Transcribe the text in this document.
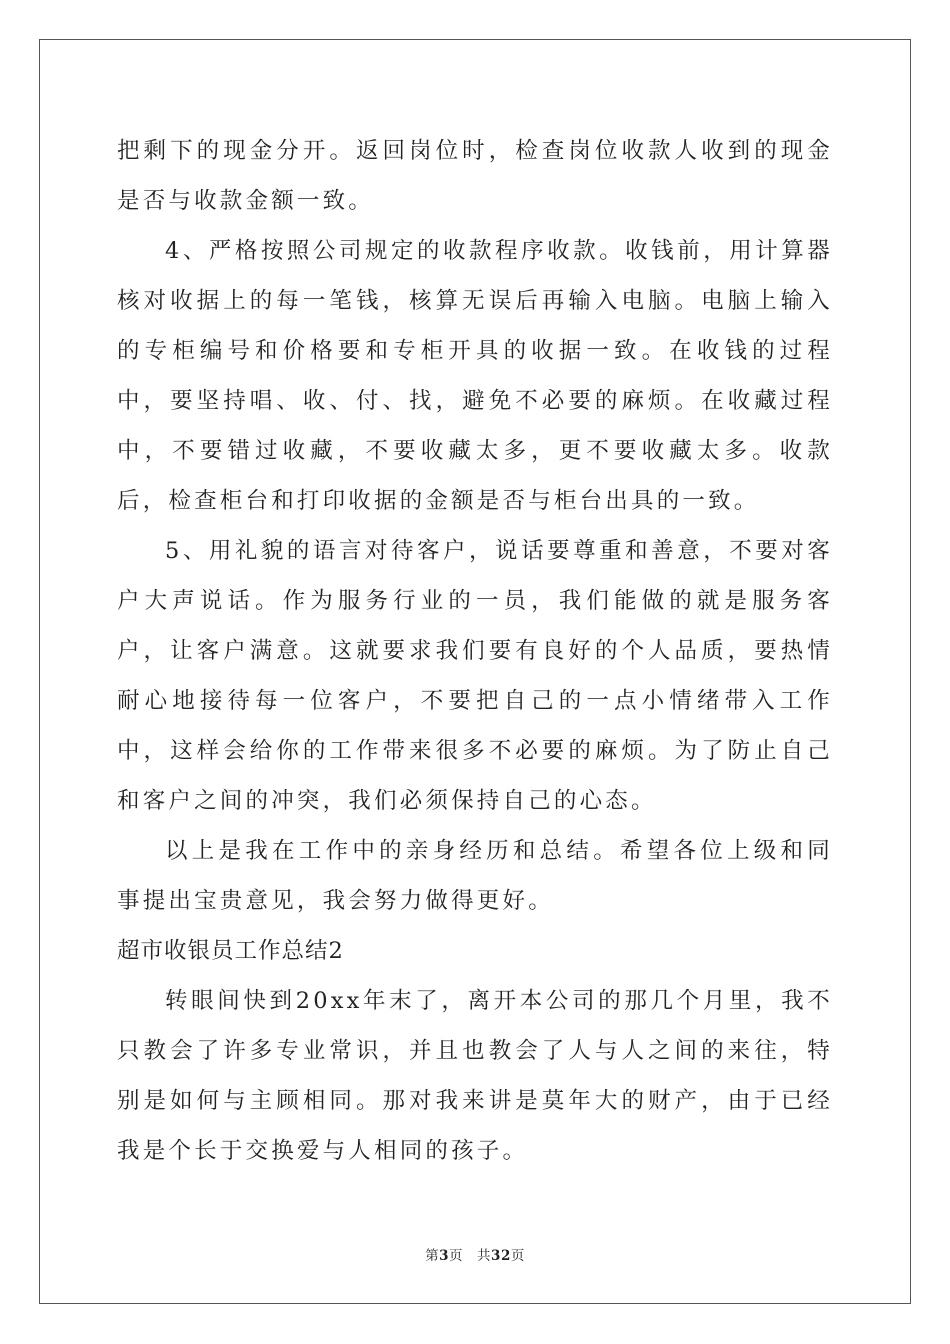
把剩下的现金分开。返回岗位时，检查岗位收款人收到的现金是否与收款金额一致。

4、严格按照公司规定的收款程序收款。收钱前，用计算器核对收据上的每一笔钱，核算无误后再输入电脑。电脑上输入的专柜编号和价格要和专柜开具的收据一致。在收钱的过程中，要坚持唱、收、付、找，避免不必要的麻烦。在收藏过程中，不要错过收藏，不要收藏太多，更不要收藏太多。收款后，检查柜台和打印收据的金额是否与柜台出具的一致。

5、用礼貌的语言对待客户，说话要尊重和善意，不要对客户大声说话。作为服务行业的一员，我们能做的就是服务客户，让客户满意。这就要求我们要有良好的个人品质，要热情耐心地接待每一位客户，不要把自己的一点小情绪带入工作中，这样会给你的工作带来很多不必要的麻烦。为了防止自己和客户之间的冲突，我们必须保持自己的心态。

以上是我在工作中的亲身经历和总结。希望各位上级和同事提出宝贵意见，我会努力做得更好。

超市收银员工作总结2

转眼间快到20xx年末了，离开本公司的那几个月里，我不只教会了许多专业常识，并且也教会了人与人之间的来往，特别是如何与主顾相同。那对我来讲是莫年大的财产，由于已经我是个长于交换爱与人相同的孩子。

第3页　共32页
